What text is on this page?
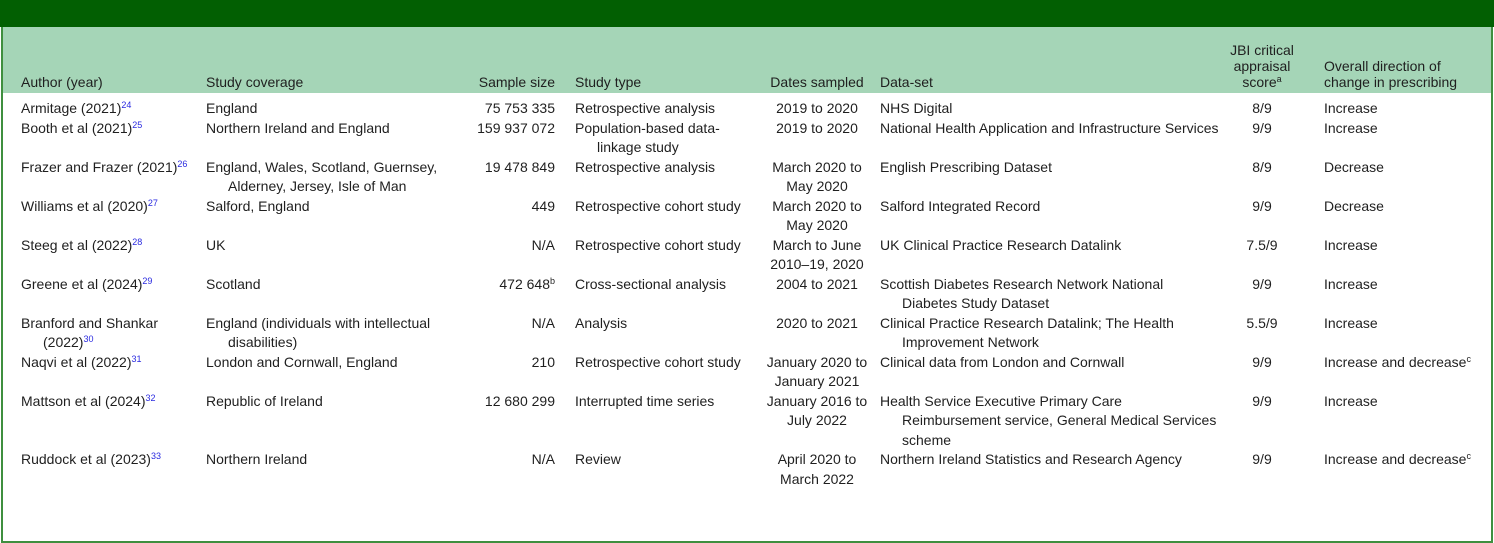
Author (year)	Study coverage	Sample size	Study type	Dates sampled	Data-set	JBI critical
appraisal
score$^a$	Overall direction of
change in prescribing

Armitage (2021)$^{24}$	England	75 753 335	Retrospective analysis	2019 to 2020	NHS Digital	8/9	Increase

Booth et al (2021)$^{25}$	Northern Ireland and England	159 937 072	Population-based data-linkage study	2019 to 2020	National Health Application and Infrastructure Services	9/9	Increase

Frazer and Frazer (2021)$^{26}$	England, Wales, Scotland, Guernsey, Alderney, Jersey, Isle of Man	19 478 849	Retrospective analysis	March 2020 to May 2020	English Prescribing Dataset	8/9	Decrease

Williams et al (2020)$^{27}$	Salford, England	449	Retrospective cohort study	March 2020 to May 2020	Salford Integrated Record	9/9	Decrease

Steeg et al (2022)$^{28}$	UK	N/A	Retrospective cohort study	March to June 2010–19, 2020	UK Clinical Practice Research Datalink	7.5/9	Increase

Greene et al (2024)$^{29}$	Scotland	472 648$^b$	Cross-sectional analysis	2004 to 2021	Scottish Diabetes Research Network National Diabetes Study Dataset	9/9	Increase

Branford and Shankar (2022)$^{30}$	England (individuals with intellectual disabilities)	N/A	Analysis	2020 to 2021	Clinical Practice Research Datalink; The Health Improvement Network	5.5/9	Increase

Naqvi et al (2022)$^{31}$	London and Cornwall, England	210	Retrospective cohort study	January 2020 to January 2021	Clinical data from London and Cornwall	9/9	Increase and decrease$^c$

Mattson et al (2024)$^{32}$	Republic of Ireland	12 680 299	Interrupted time series	January 2016 to July 2022	Health Service Executive Primary Care Reimbursement service, General Medical Services scheme	9/9	Increase

Ruddock et al (2023)$^{33}$	Northern Ireland	N/A	Review	April 2020 to March 2022	Northern Ireland Statistics and Research Agency	9/9	Increase and decrease$^c$
